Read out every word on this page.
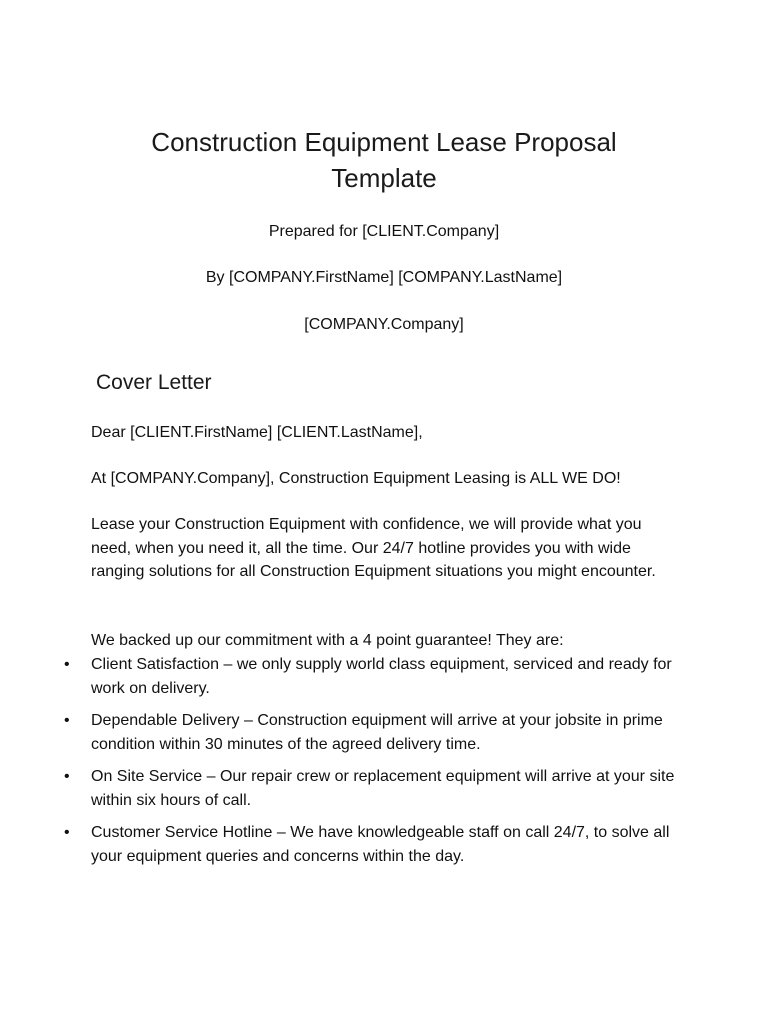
Construction Equipment Lease Proposal
Template
Prepared for [CLIENT.Company]
By [COMPANY.FirstName] [COMPANY.LastName]
[COMPANY.Company]
Cover Letter
Dear [CLIENT.FirstName] [CLIENT.LastName],
At [COMPANY.Company], Construction Equipment Leasing is ALL WE DO!
Lease your Construction Equipment with confidence, we will provide what you need, when you need it, all the time. Our 24/7 hotline provides you with wide ranging solutions for all Construction Equipment situations you might encounter.
We backed up our commitment with a 4 point guarantee! They are:
• Client Satisfaction – we only supply world class equipment, serviced and ready for work on delivery.
• Dependable Delivery – Construction equipment will arrive at your jobsite in prime condition within 30 minutes of the agreed delivery time.
• On Site Service – Our repair crew or replacement equipment will arrive at your site within six hours of call.
• Customer Service Hotline – We have knowledgeable staff on call 24/7, to solve all your equipment queries and concerns within the day.
